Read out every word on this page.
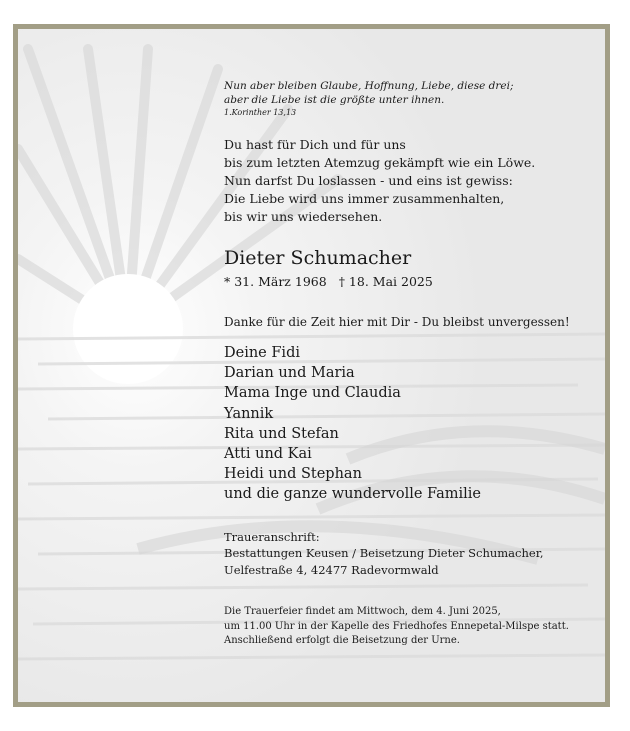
Nun aber bleiben Glaube, Hoffnung, Liebe, diese drei;
aber die Liebe ist die größte unter ihnen.
1.Korinther 13,13
Du hast für Dich und für uns
bis zum letzten Atemzug gekämpft wie ein Löwe.
Nun darfst Du loslassen - und eins ist gewiss:
Die Liebe wird uns immer zusammenhalten,
bis wir uns wiedersehen.
Dieter Schumacher
* 31. März 1968 † 18. Mai 2025
Danke für die Zeit hier mit Dir - Du bleibst unvergessen!
Deine Fidi
Darian und Maria
Mama Inge und Claudia
Yannik
Rita und Stefan
Atti und Kai
Heidi und Stephan
und die ganze wundervolle Familie
Traueranschrift:
Bestattungen Keusen / Beisetzung Dieter Schumacher,
Uelfestraße 4, 42477 Radevormwald
Die Trauerfeier findet am Mittwoch, dem 4. Juni 2025,
um 11.00 Uhr in der Kapelle des Friedhofes Ennepetal-Milspe statt.
Anschließend erfolgt die Beisetzung der Urne.
